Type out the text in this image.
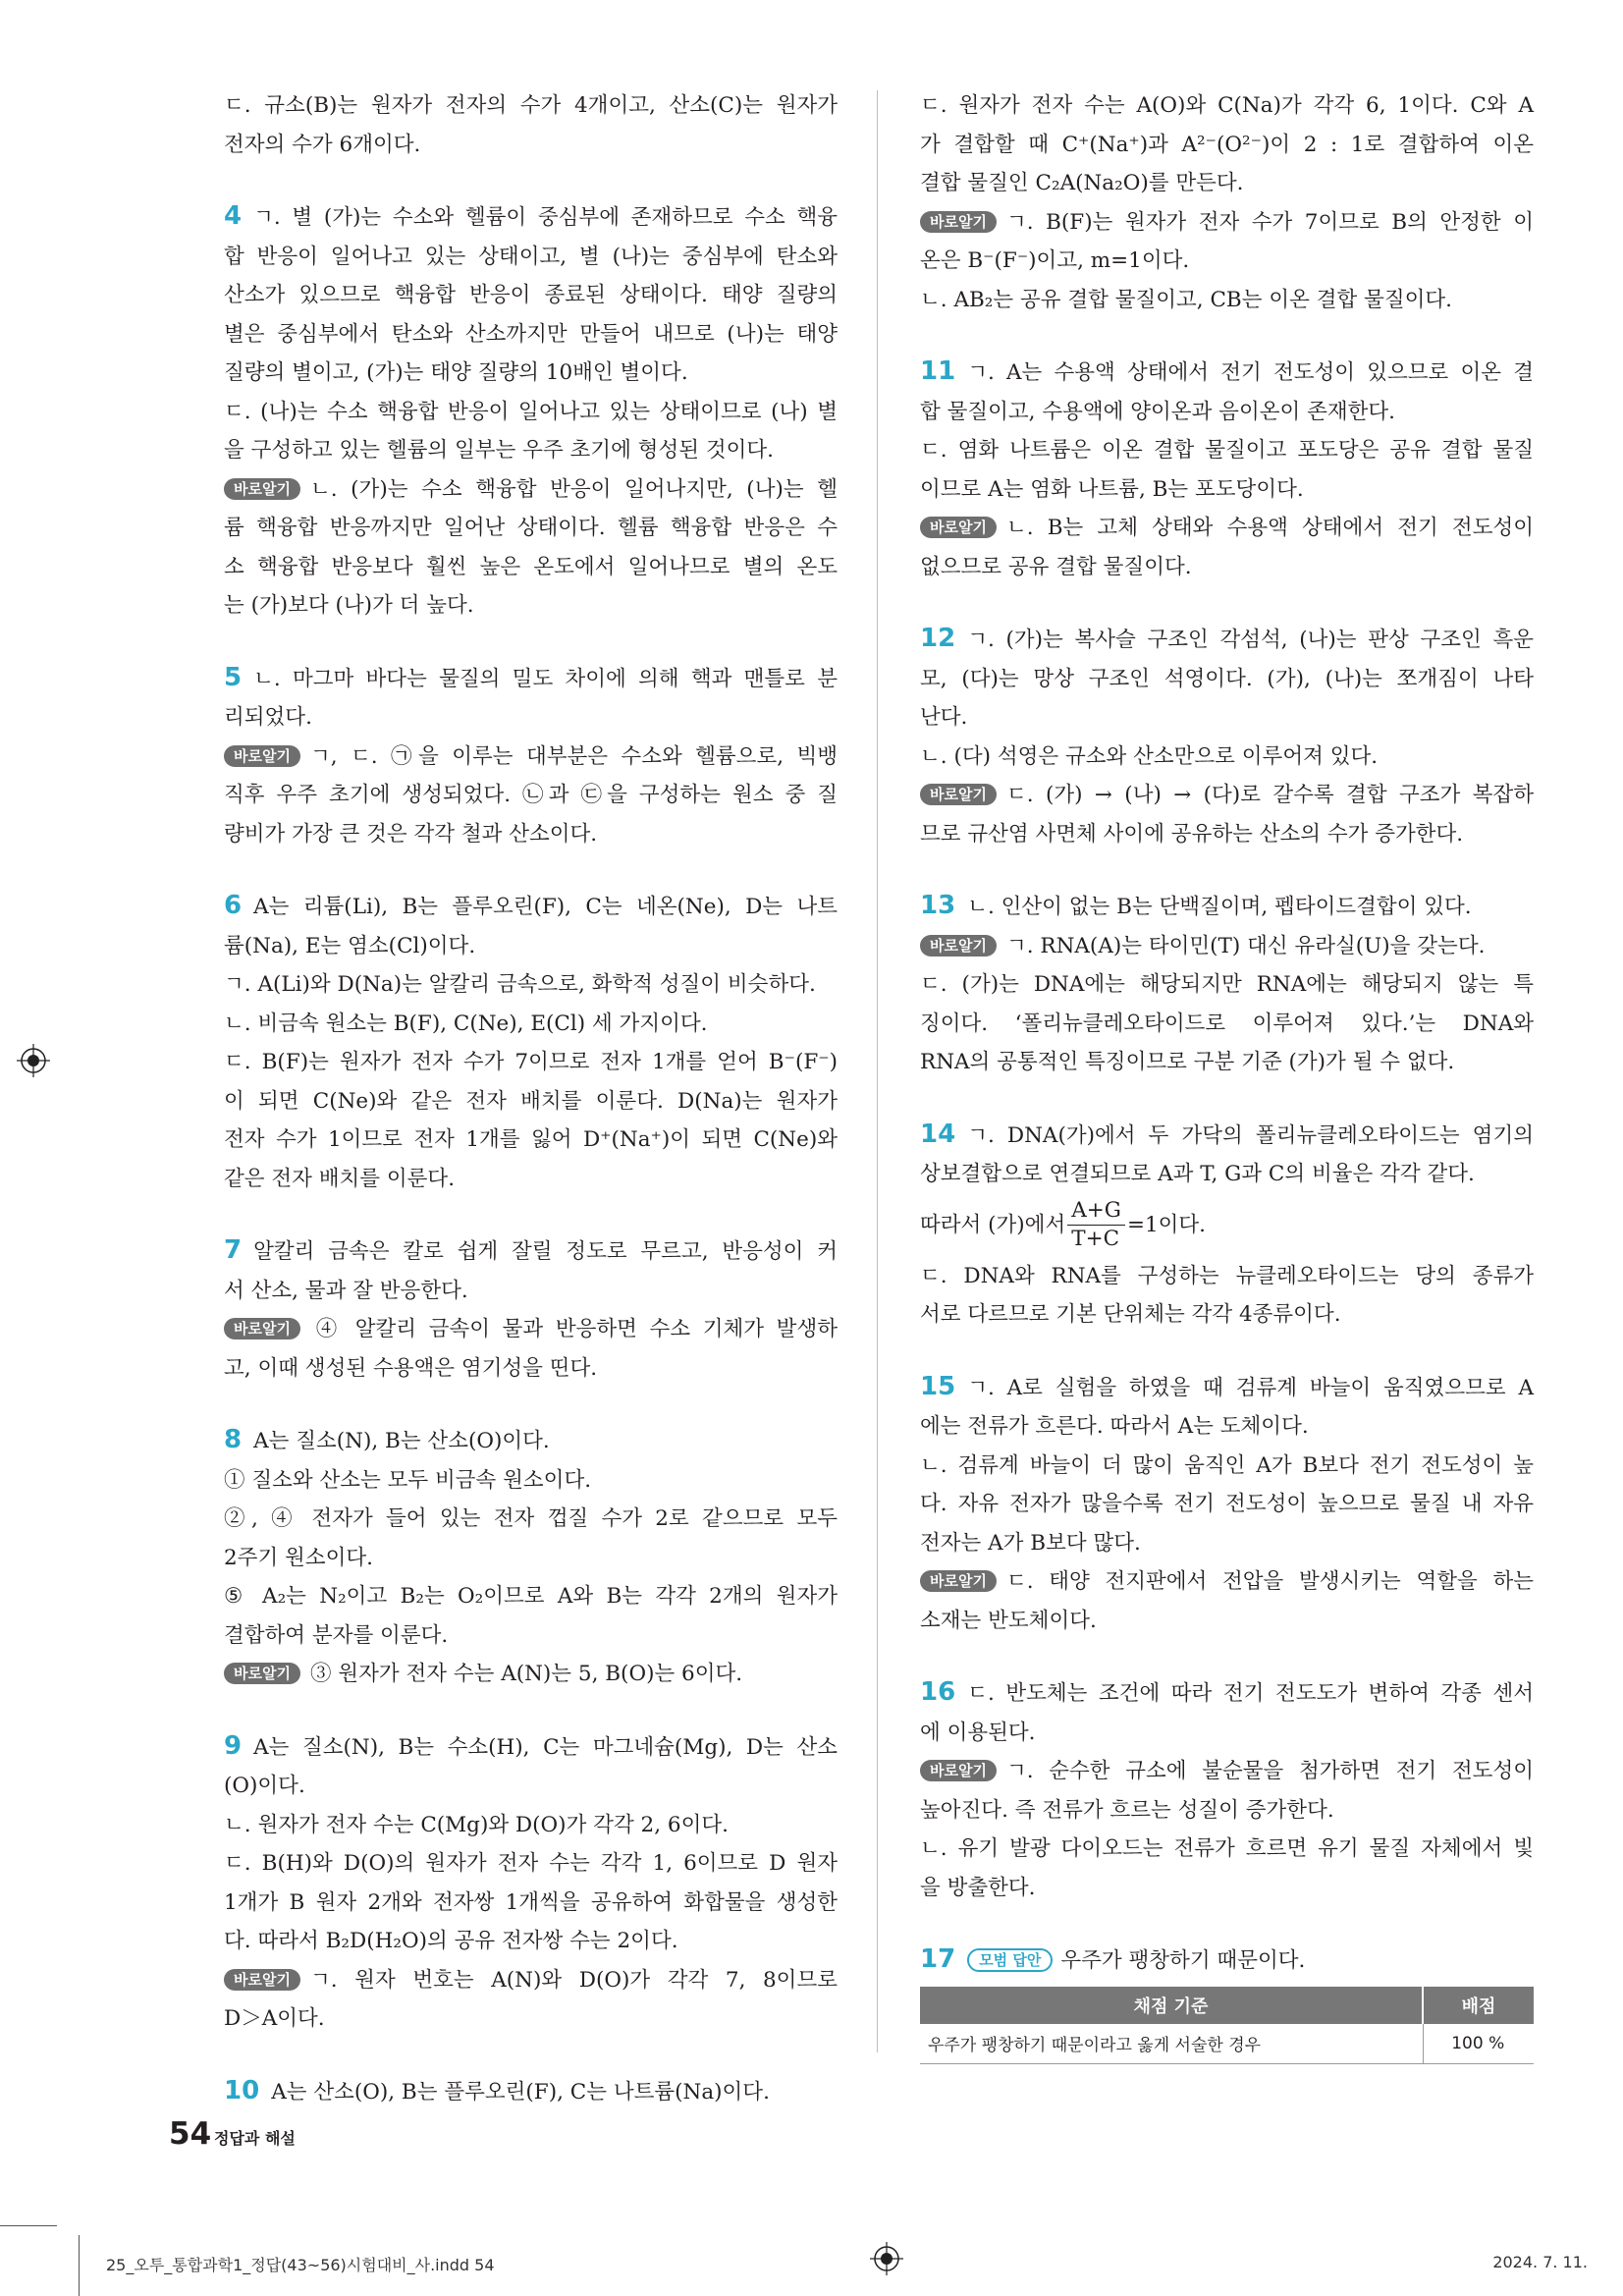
ㄷ. 규소(B)는 원자가 전자의 수가 4개이고, 산소(C)는 원자가
전자의 수가 6개이다.
4 ㄱ. 별 (가)는 수소와 헬륨이 중심부에 존재하므로 수소 핵융
합 반응이 일어나고 있는 상태이고, 별 (나)는 중심부에 탄소와
산소가 있으므로 핵융합 반응이 종료된 상태이다. 태양 질량의
별은 중심부에서 탄소와 산소까지만 만들어 내므로 (나)는 태양
질량의 별이고, (가)는 태양 질량의 10배인 별이다.
ㄷ. (나)는 수소 핵융합 반응이 일어나고 있는 상태이므로 (나) 별
을 구성하고 있는 헬륨의 일부는 우주 초기에 형성된 것이다.
바로알기 ㄴ. (가)는 수소 핵융합 반응이 일어나지만, (나)는 헬
륨 핵융합 반응까지만 일어난 상태이다. 헬륨 핵융합 반응은 수
소 핵융합 반응보다 훨씬 높은 온도에서 일어나므로 별의 온도
는 (가)보다 (나)가 더 높다.
5 ㄴ. 마그마 바다는 물질의 밀도 차이에 의해 핵과 맨틀로 분
리되었다.
바로알기 ㄱ, ㄷ. ㉠을 이루는 대부분은 수소와 헬륨으로, 빅뱅
직후 우주 초기에 생성되었다. ㉡과 ㉢을 구성하는 원소 중 질
량비가 가장 큰 것은 각각 철과 산소이다.
6 A는 리튬(Li), B는 플루오린(F), C는 네온(Ne), D는 나트
륨(Na), E는 염소(Cl)이다.
ㄱ. A(Li)와 D(Na)는 알칼리 금속으로, 화학적 성질이 비슷하다.
ㄴ. 비금속 원소는 B(F), C(Ne), E(Cl) 세 가지이다.
ㄷ. B(F)는 원자가 전자 수가 7이므로 전자 1개를 얻어 B⁻(F⁻)
이 되면 C(Ne)와 같은 전자 배치를 이룬다. D(Na)는 원자가
전자 수가 1이므로 전자 1개를 잃어 D⁺(Na⁺)이 되면 C(Ne)와
같은 전자 배치를 이룬다.
7 알칼리 금속은 칼로 쉽게 잘릴 정도로 무르고, 반응성이 커
서 산소, 물과 잘 반응한다.
바로알기 ④ 알칼리 금속이 물과 반응하면 수소 기체가 발생하
고, 이때 생성된 수용액은 염기성을 띤다.
8 A는 질소(N), B는 산소(O)이다.
① 질소와 산소는 모두 비금속 원소이다.
②, ④ 전자가 들어 있는 전자 껍질 수가 2로 같으므로 모두
2주기 원소이다.
⑤ A₂는 N₂이고 B₂는 O₂이므로 A와 B는 각각 2개의 원자가
결합하여 분자를 이룬다.
바로알기 ③ 원자가 전자 수는 A(N)는 5, B(O)는 6이다.
9 A는 질소(N), B는 수소(H), C는 마그네슘(Mg), D는 산소
(O)이다.
ㄴ. 원자가 전자 수는 C(Mg)와 D(O)가 각각 2, 6이다.
ㄷ. B(H)와 D(O)의 원자가 전자 수는 각각 1, 6이므로 D 원자
1개가 B 원자 2개와 전자쌍 1개씩을 공유하여 화합물을 생성한
다. 따라서 B₂D(H₂O)의 공유 전자쌍 수는 2이다.
바로알기 ㄱ. 원자 번호는 A(N)와 D(O)가 각각 7, 8이므로
D＞A이다.
10 A는 산소(O), B는 플루오린(F), C는 나트륨(Na)이다.
ㄷ. 원자가 전자 수는 A(O)와 C(Na)가 각각 6, 1이다. C와 A
가 결합할 때 C⁺(Na⁺)과 A²⁻(O²⁻)이 2 : 1로 결합하여 이온
결합 물질인 C₂A(Na₂O)를 만든다.
바로알기 ㄱ. B(F)는 원자가 전자 수가 7이므로 B의 안정한 이
온은 B⁻(F⁻)이고, m=1이다.
ㄴ. AB₂는 공유 결합 물질이고, CB는 이온 결합 물질이다.
11 ㄱ. A는 수용액 상태에서 전기 전도성이 있으므로 이온 결
합 물질이고, 수용액에 양이온과 음이온이 존재한다.
ㄷ. 염화 나트륨은 이온 결합 물질이고 포도당은 공유 결합 물질
이므로 A는 염화 나트륨, B는 포도당이다.
바로알기 ㄴ. B는 고체 상태와 수용액 상태에서 전기 전도성이
없으므로 공유 결합 물질이다.
12 ㄱ. (가)는 복사슬 구조인 각섬석, (나)는 판상 구조인 흑운
모, (다)는 망상 구조인 석영이다. (가), (나)는 쪼개짐이 나타
난다.
ㄴ. (다) 석영은 규소와 산소만으로 이루어져 있다.
바로알기 ㄷ. (가) → (나) → (다)로 갈수록 결합 구조가 복잡하
므로 규산염 사면체 사이에 공유하는 산소의 수가 증가한다.
13 ㄴ. 인산이 없는 B는 단백질이며, 펩타이드결합이 있다.
바로알기 ㄱ. RNA(A)는 타이민(T) 대신 유라실(U)을 갖는다.
ㄷ. (가)는 DNA에는 해당되지만 RNA에는 해당되지 않는 특
징이다. ‘폴리뉴클레오타이드로 이루어져 있다.’는 DNA와
RNA의 공통적인 특징이므로 구분 기준 (가)가 될 수 없다.
14 ㄱ. DNA(가)에서 두 가닥의 폴리뉴클레오타이드는 염기의
상보결합으로 연결되므로 A과 T, G과 C의 비율은 각각 같다.
따라서 (가)에서 $\frac{A+G}{T+C} =1$이다.
ㄷ. DNA와 RNA를 구성하는 뉴클레오타이드는 당의 종류가
서로 다르므로 기본 단위체는 각각 4종류이다.
15 ㄱ. A로 실험을 하였을 때 검류계 바늘이 움직였으므로 A
에는 전류가 흐른다. 따라서 A는 도체이다.
ㄴ. 검류계 바늘이 더 많이 움직인 A가 B보다 전기 전도성이 높
다. 자유 전자가 많을수록 전기 전도성이 높으므로 물질 내 자유
전자는 A가 B보다 많다.
바로알기 ㄷ. 태양 전지판에서 전압을 발생시키는 역할을 하는
소재는 반도체이다.
16 ㄷ. 반도체는 조건에 따라 전기 전도도가 변하여 각종 센서
에 이용된다.
바로알기 ㄱ. 순수한 규소에 불순물을 첨가하면 전기 전도성이
높아진다. 즉 전류가 흐르는 성질이 증가한다.
ㄴ. 유기 발광 다이오드는 전류가 흐르면 유기 물질 자체에서 빛
을 방출한다.
17 모범 답안 우주가 팽창하기 때문이다.
채점 기준	배점
우주가 팽창하기 때문이라고 옳게 서술한 경우	100 %
54 정답과 해설
25_오투_통합과학1_정답(43~56)시험대비_사.indd 54	2024. 7. 11.
